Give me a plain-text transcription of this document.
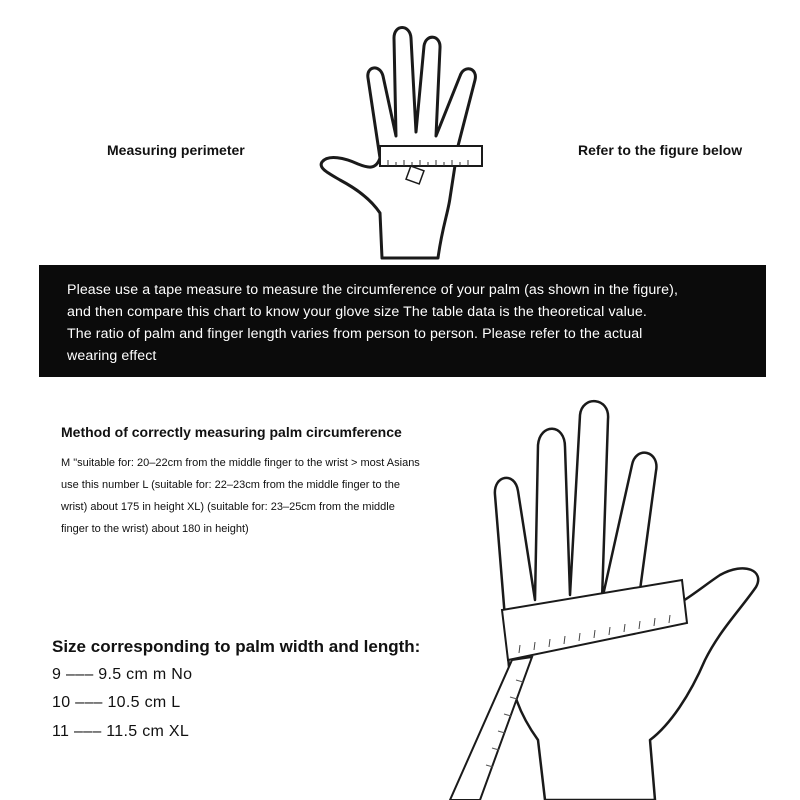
Measuring perimeter	Refer to the figure below

Please use a tape measure to measure the circumference of your palm (as shown in the figure),

and then compare this chart to know your glove size The table data is the theoretical value.

The ratio of palm and finger length varies from person to person. Please refer to the actual

wearing effect

Method of correctly measuring palm circumference

M "suitable for: 20–22cm from the middle finger to the wrist > most Asians

use this number L (suitable for: 22–23cm from the middle finger to the

wrist) about 175 in height XL) (suitable for: 23–25cm from the middle

finger to the wrist) about 180 in height)

Size corresponding to palm width and length:
9 ––– 9.5 cm m No
10 ––– 10.5 cm L
11 ––– 11.5 cm XL
